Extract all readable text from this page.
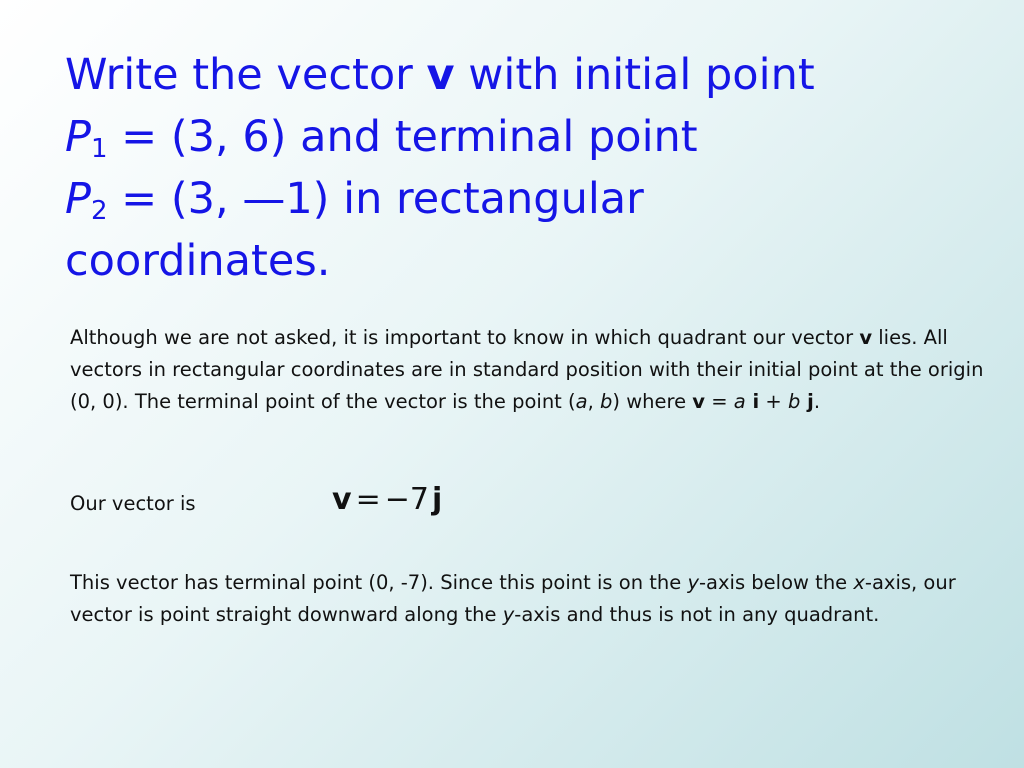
Write the vector v with initial point
$P_1 = (3$, 6) and terminal point
$P_2 = (3$, —1) in rectangular
coordinates.
Although we are not asked, it is important to know in which quadrant our vector v lies. All vectors in rectangular coordinates are in standard position with their initial point at the origin (0, 0). The terminal point of the vector is the point (a, b) where v = a i + b j.
Our vector is	v = −7 j
This vector has terminal point (0, -7). Since this point is on the y-axis below the x-axis, our vector is point straight downward along the y-axis and thus is not in any quadrant.
